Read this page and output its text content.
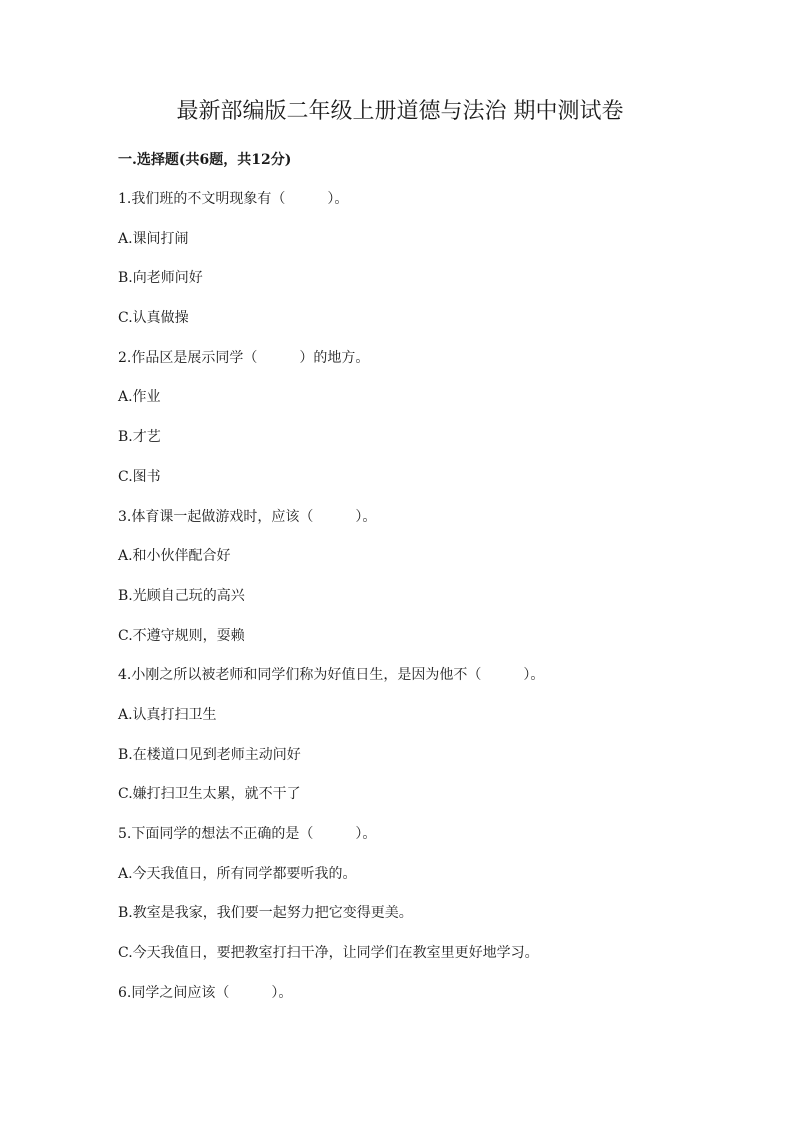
最新部编版二年级上册道德与法治 期中测试卷
一.选择题(共6题，共12分)
1.我们班的不文明现象有（　　　）。
A.课间打闹
B.向老师问好
C.认真做操
2.作品区是展示同学（　　　）的地方。
A.作业
B.才艺
C.图书
3.体育课一起做游戏时，应该（　　　）。
A.和小伙伴配合好
B.光顾自己玩的高兴
C.不遵守规则，耍赖
4.小刚之所以被老师和同学们称为好值日生，是因为他不（　　　）。
A.认真打扫卫生
B.在楼道口见到老师主动问好
C.嫌打扫卫生太累，就不干了
5.下面同学的想法不正确的是（　　　）。
A.今天我值日，所有同学都要听我的。
B.教室是我家，我们要一起努力把它变得更美。
C.今天我值日，要把教室打扫干净，让同学们在教室里更好地学习。
6.同学之间应该（　　　）。
